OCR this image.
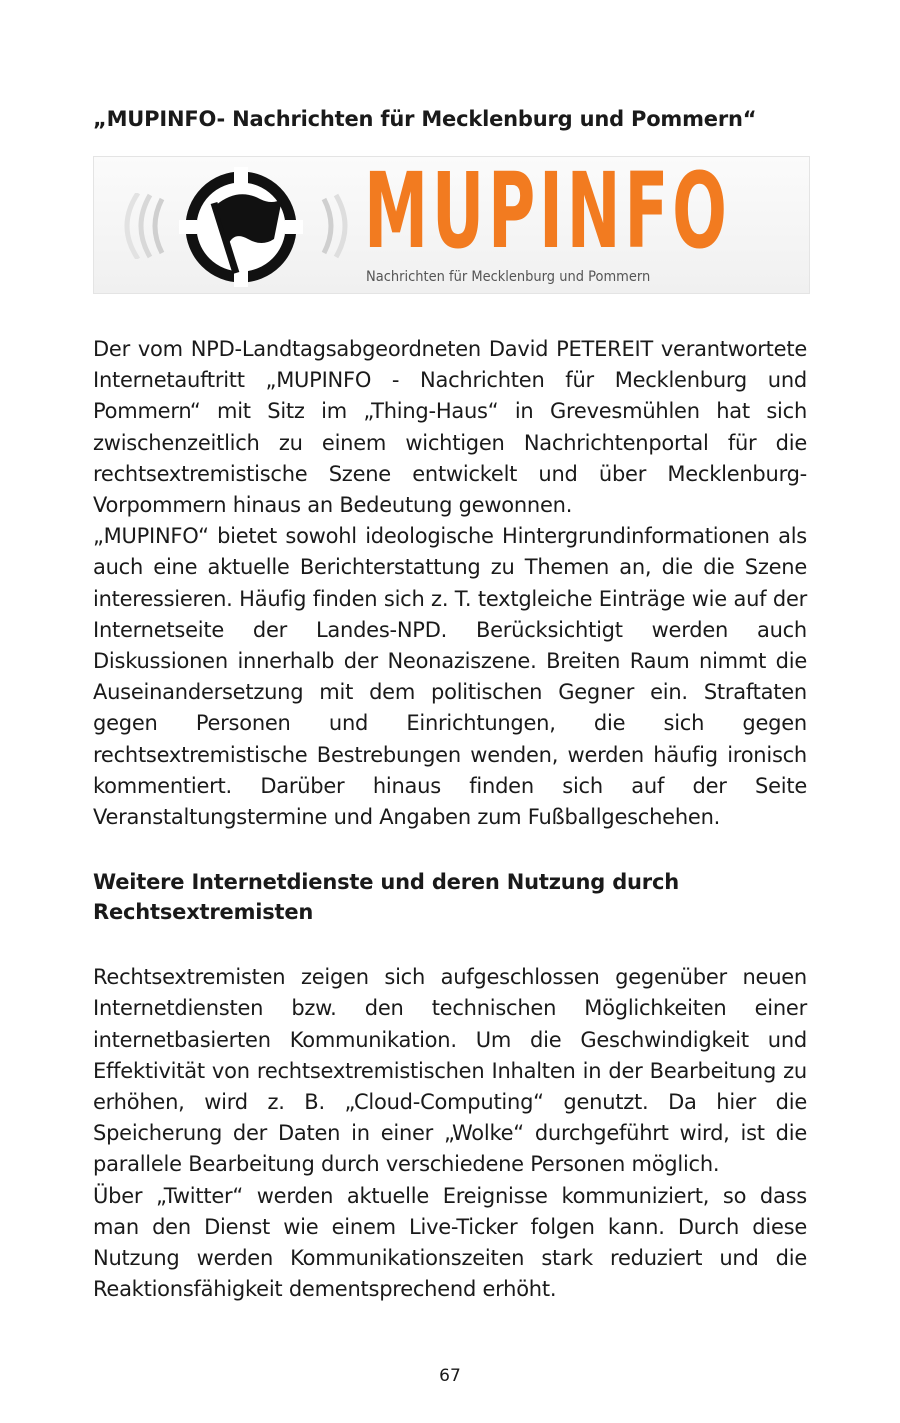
„MUPINFO- Nachrichten für Mecklenburg und Pommern“
MUPINFO
Nachrichten für Mecklenburg und Pommern

Der vom NPD-Landtagsabgeordneten David PETEREIT verantwortete Internetauftritt „MUPINFO - Nachrichten für Mecklenburg und Pommern“ mit Sitz im „Thing-Haus“ in Grevesmühlen hat sich zwischenzeitlich zu einem wichtigen Nachrichtenportal für die rechtsextremistische Szene entwickelt und über Mecklenburg-Vorpommern hinaus an Bedeutung gewonnen.

„MUPINFO“ bietet sowohl ideologische Hintergrundinformationen als auch eine aktuelle Berichterstattung zu Themen an, die die Szene interessieren. Häufig finden sich z. T. textgleiche Einträge wie auf der Internetseite der Landes-NPD. Berücksichtigt werden auch Diskussionen innerhalb der Neonaziszene. Breiten Raum nimmt die Auseinandersetzung mit dem politischen Gegner ein. Straftaten gegen Personen und Einrichtungen, die sich gegen rechtsextremistische Bestrebungen wenden, werden häufig ironisch kommentiert. Darüber hinaus finden sich auf der Seite Veranstaltungstermine und Angaben zum Fußballgeschehen.

Weitere Internetdienste und deren Nutzung durch Rechtsextremisten

Rechtsextremisten zeigen sich aufgeschlossen gegenüber neuen Internetdiensten bzw. den technischen Möglichkeiten einer internetbasierten Kommunikation. Um die Geschwindigkeit und Effektivität von rechtsextremistischen Inhalten in der Bearbeitung zu erhöhen, wird z. B. „Cloud-Computing“ genutzt. Da hier die Speicherung der Daten in einer „Wolke“ durchgeführt wird, ist die parallele Bearbeitung durch verschiedene Personen möglich.

Über „Twitter“ werden aktuelle Ereignisse kommuniziert, so dass man den Dienst wie einem Live-Ticker folgen kann. Durch diese Nutzung werden Kommunikationszeiten stark reduziert und die Reaktionsfähigkeit dementsprechend erhöht.

67
